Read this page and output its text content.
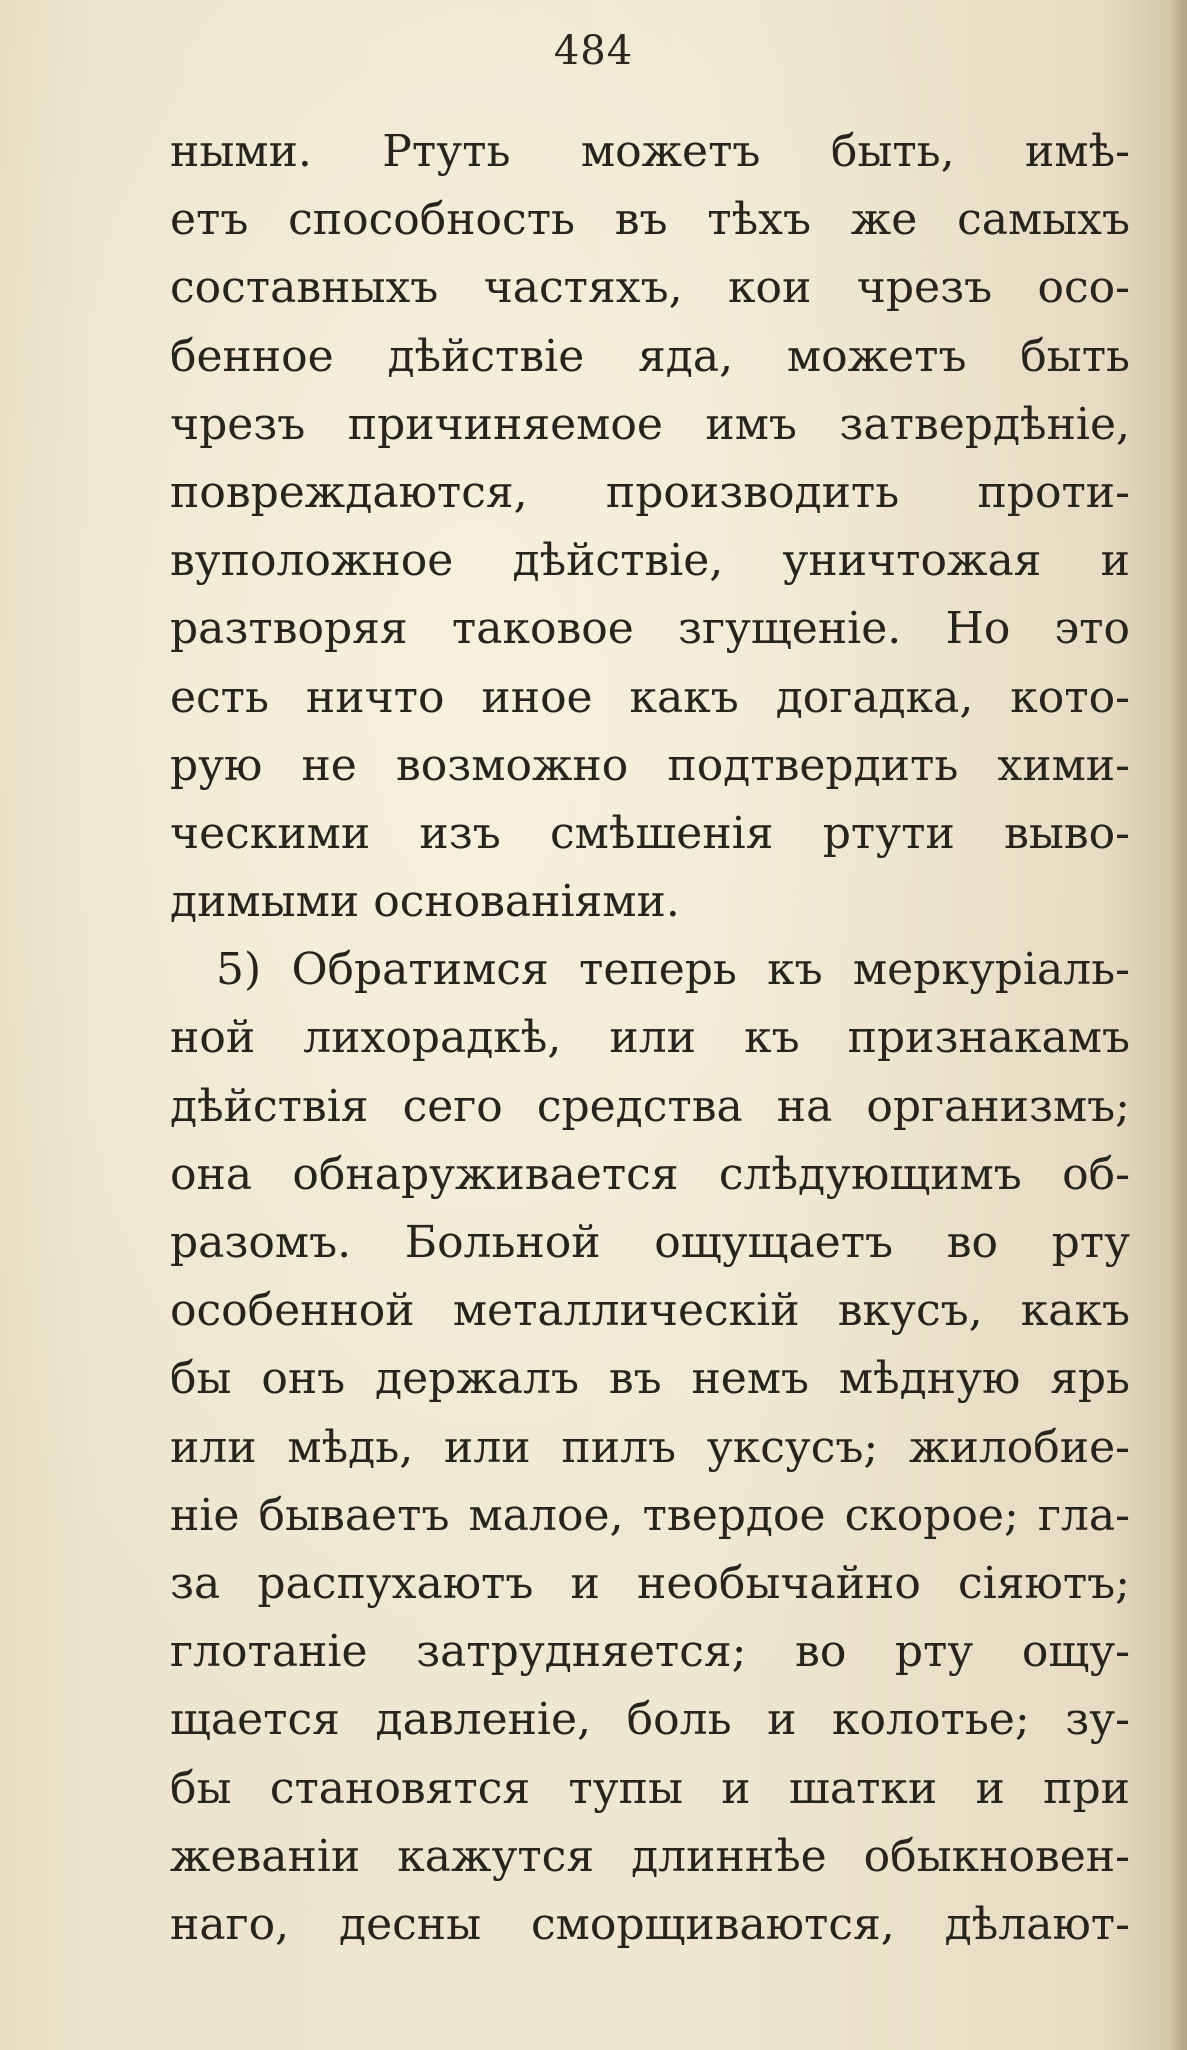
484
ными. Ртуть можетъ быть, имѣ-
етъ способность въ тѣхъ же самыхъ
составныхъ частяхъ, кои чрезъ осо-
бенное дѣйствіе яда, можетъ быть
чрезъ причиняемое имъ затвердѣніе,
повреждаются, производить проти-
вуположное дѣйствіе, уничтожая и
разтворяя таковое згущеніе. Но это
есть ничто иное какъ догадка, кото-
рую не возможно подтвердить хими-
ческими изъ смѣшенія ртути выво-
димыми основаніями.
5) Обратимся теперь къ меркуріаль-
ной лихорадкѣ, или къ признакамъ
дѣйствія сего средства на организмъ;
она обнаруживается слѣдующимъ об-
разомъ. Больной ощущаетъ во рту
особенной металлическій вкусъ, какъ
бы онъ держалъ въ немъ мѣдную ярь
или мѣдь, или пилъ уксусъ; жилобие-
ніе бываетъ малое, твердое скорое; гла-
за распухаютъ и необычайно сіяютъ;
глотаніе затрудняется; во рту ощу-
щается давленіе, боль и колотье; зу-
бы становятся тупы и шатки и при
жеваніи кажутся длиннѣе обыкновен-
наго, десны сморщиваются, дѣлают-
